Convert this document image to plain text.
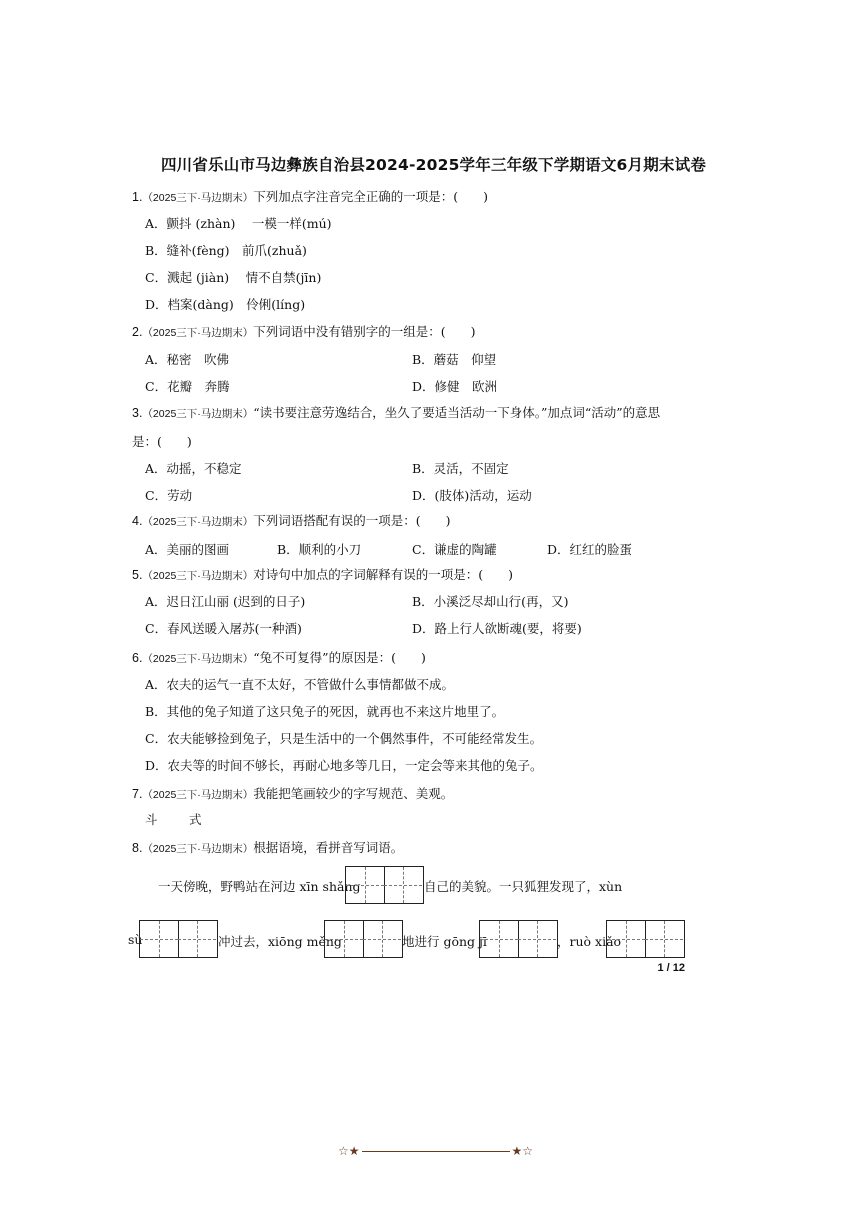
四川省乐山市马边彝族自治县2024-2025学年三年级下学期语文6月期末试卷
1.（2025三下·马边期末）下列加点字注音完全正确的一项是：(　　)
A．颤抖 (zhàn)　 一模一样(mú)
B．缝补(fèng)　前爪(zhuǎ)
C．溅起 (jiàn)　 情不自禁(jīn)
D．档案(dàng)　伶俐(líng)
2.（2025三下·马边期末）下列词语中没有错别字的一组是：(　　)
A．秘密　吹佛	B．蘑菇　仰望
C．花瓣　奔腾	D．修健　欧洲
3.（2025三下·马边期末）“读书要注意劳逸结合，坐久了要适当活动一下身体。”加点词“活动”的意思
是：(　　)
A．动摇，不稳定	B．灵活，不固定
C．劳动	D．(肢体)活动，运动
4.（2025三下·马边期末）下列词语搭配有误的一项是：(　　)
A．美丽的图画	B．顺利的小刀	C．谦虚的陶罐	D．红红的脸蛋
5.（2025三下·马边期末）对诗句中加点的字词解释有误的一项是：(　　)
A．迟日江山丽 (迟到的日子)	B．小溪泛尽却山行(再，又)
C．春风送暖入屠苏(一种酒)	D．路上行人欲断魂(要，将要)
6.（2025三下·马边期末）“兔不可复得”的原因是：(　　)
A．农夫的运气一直不太好，不管做什么事情都做不成。
B．其他的兔子知道了这只兔子的死因，就再也不来这片地里了。
C．农夫能够捡到兔子，只是生活中的一个偶然事件，不可能经常发生。
D．农夫等的时间不够长，再耐心地多等几日，一定会等来其他的兔子。
7.（2025三下·马边期末）我能把笔画较少的字写规范、美观。
斗	式
8.（2025三下·马边期末）根据语境，看拼音写词语。
一天傍晚，野鸭站在河边 xīn shǎng	自己的美貌。一只狐狸发现了，xùn
sù	冲过去，xiōng měng	地进行 gōng jī	，ruò xiǎo
1 / 12
☆★	★☆
